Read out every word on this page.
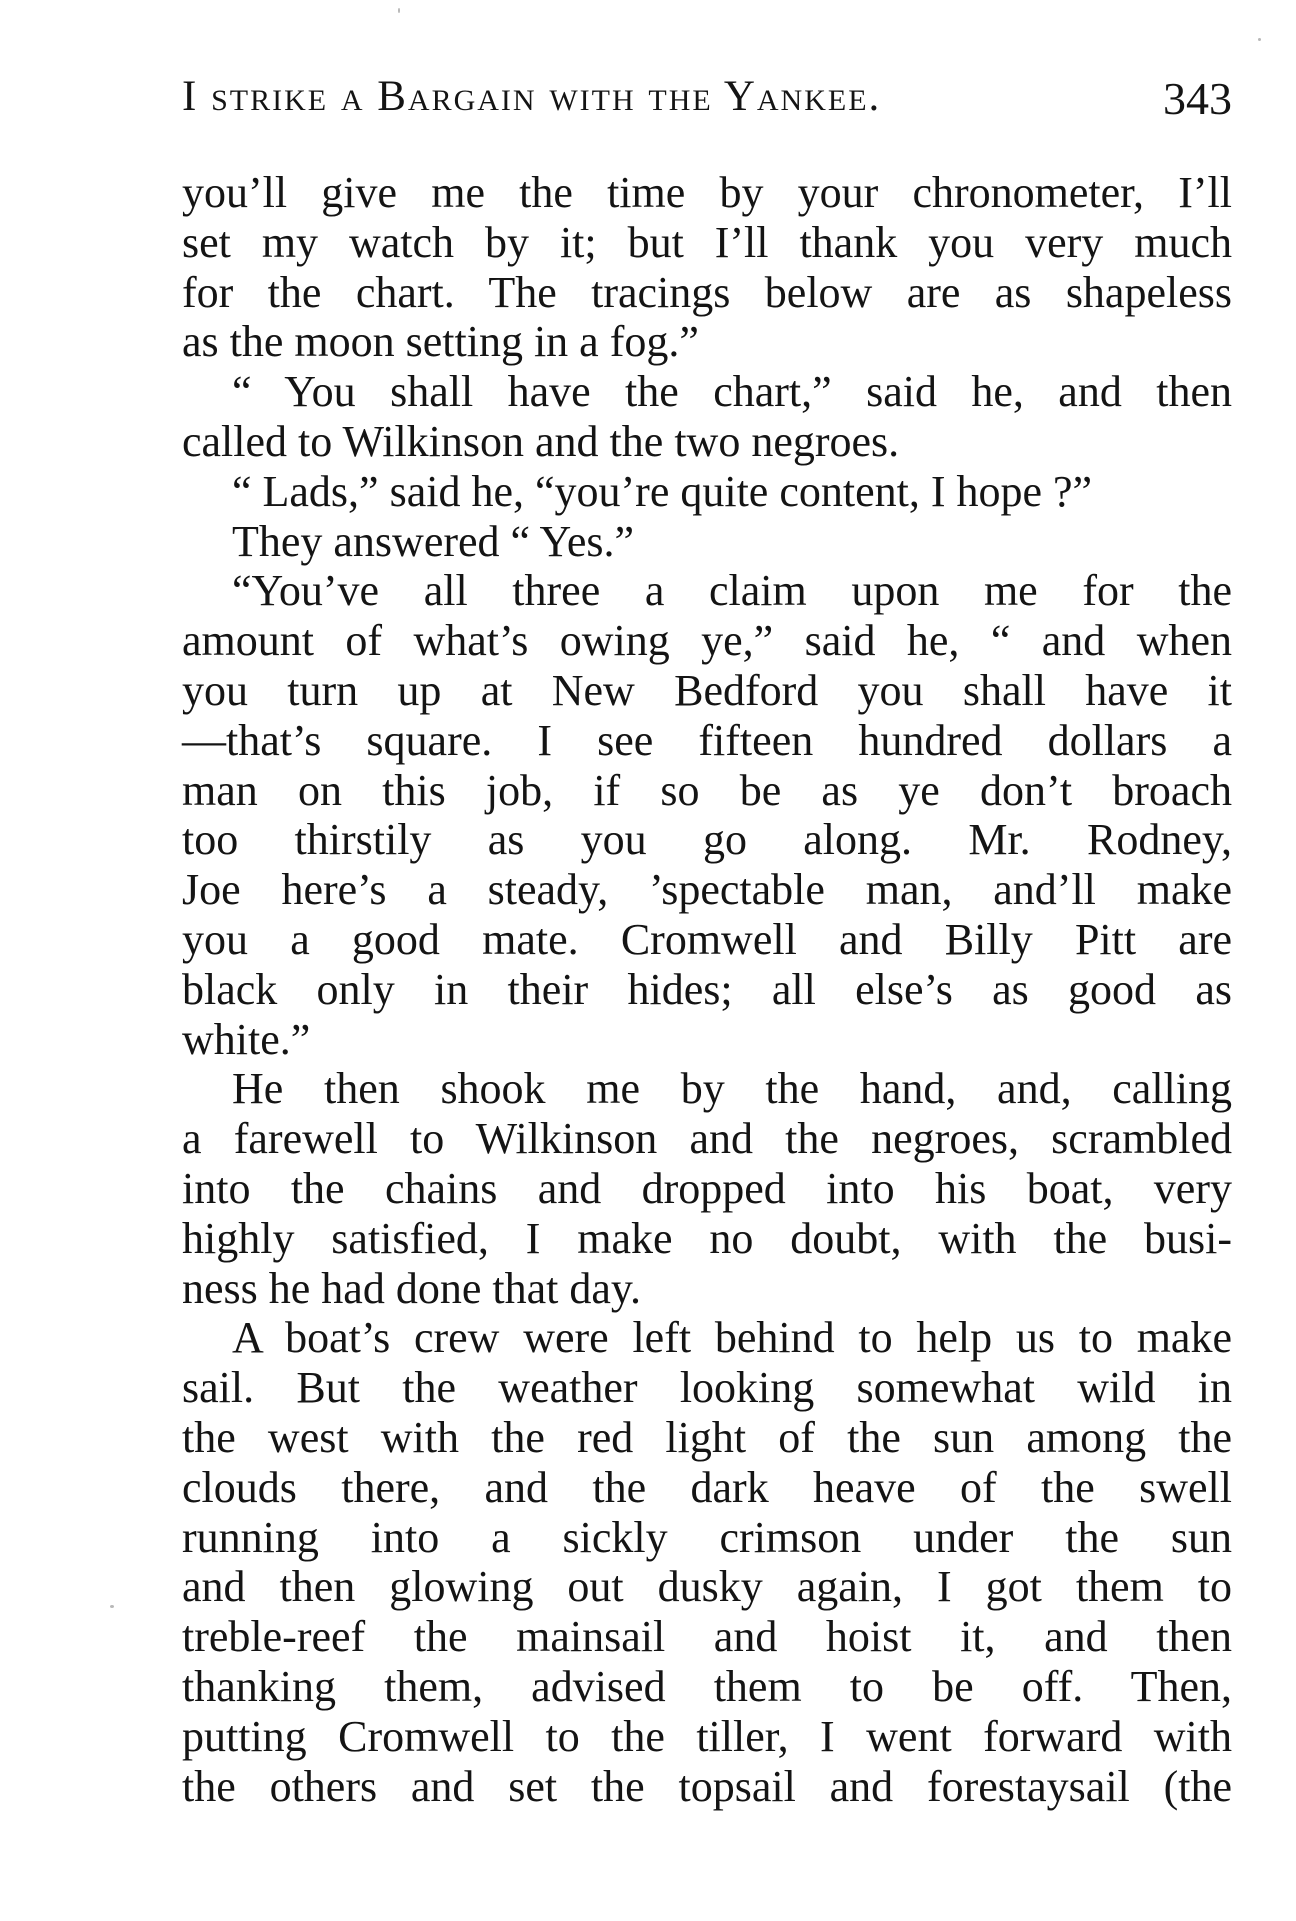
I strike a Bargain with the Yankee.	343
you’ll give me the time by your chronometer, I’ll
set my watch by it; but I’ll thank you very much
for the chart. The tracings below are as shapeless
as the moon setting in a fog.”
“ You shall have the chart,” said he, and then
called to Wilkinson and the two negroes.
“ Lads,” said he, “you’re quite content, I hope ?”
They answered “ Yes.”
“You’ve all three a claim upon me for the
amount of what’s owing ye,” said he, “ and when
you turn up at New Bedford you shall have it
—that’s square. I see fifteen hundred dollars a
man on this job, if so be as ye don’t broach
too thirstily as you go along. Mr. Rodney,
Joe here’s a steady, ’spectable man, and’ll make
you a good mate. Cromwell and Billy Pitt are
black only in their hides; all else’s as good as
white.”
He then shook me by the hand, and, calling
a farewell to Wilkinson and the negroes, scrambled
into the chains and dropped into his boat, very
highly satisfied, I make no doubt, with the busi-
ness he had done that day.
A boat’s crew were left behind to help us to make
sail. But the weather looking somewhat wild in
the west with the red light of the sun among the
clouds there, and the dark heave of the swell
running into a sickly crimson under the sun
and then glowing out dusky again, I got them to
treble-reef the mainsail and hoist it, and then
thanking them, advised them to be off. Then,
putting Cromwell to the tiller, I went forward with
the others and set the topsail and forestaysail (the
